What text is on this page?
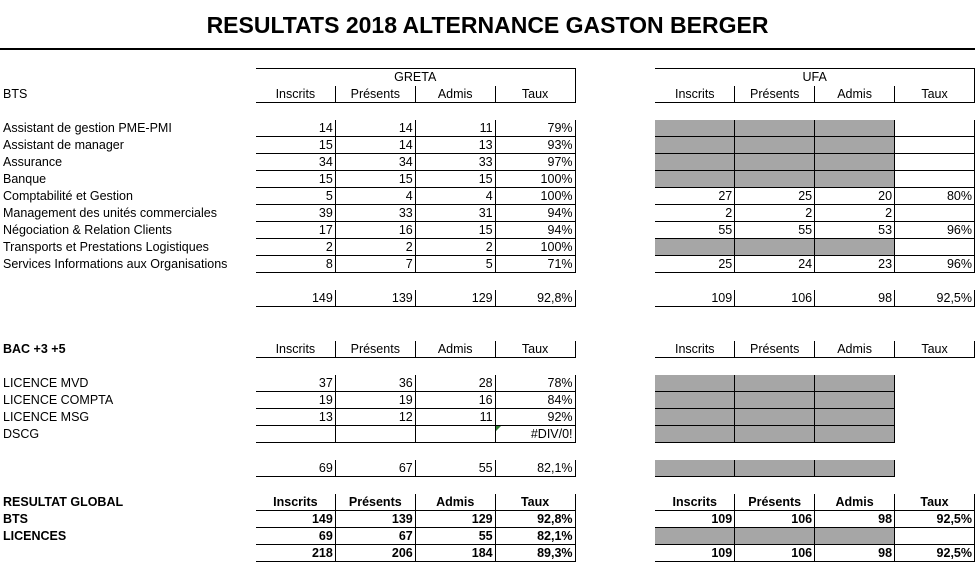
RESULTATS 2018 ALTERNANCE GASTON BERGER
	GRETA					UFA			
BTS	Inscrits	Présents	Admis	Taux		Inscrits	Présents	Admis	Taux

Assistant de gestion PME-PMI	14	14	11	79%					
Assistant de manager	15	14	13	93%					
Assurance	34	34	33	97%					
Banque	15	15	15	100%					
Comptabilité et Gestion	5	4	4	100%		27	25	20	80%
Management des unités commerciales	39	33	31	94%		2	2	2	
Négociation & Relation Clients	17	16	15	94%		55	55	53	96%
Transports et Prestations Logistiques	2	2	2	100%					
Services Informations aux Organisations	8	7	5	71%		25	24	23	96%

	149	139	129	92,8%		109	106	98	92,5%

BAC +3 +5	Inscrits	Présents	Admis	Taux		Inscrits	Présents	Admis	Taux

LICENCE MVD	37	36	28	78%					
LICENCE COMPTA	19	19	16	84%					
LICENCE MSG	13	12	11	92%					
DSCG				#DIV/0!					

	69	67	55	82,1%					

RESULTAT GLOBAL	Inscrits	Présents	Admis	Taux		Inscrits	Présents	Admis	Taux
BTS	149	139	129	92,8%		109	106	98	92,5%
LICENCES	69	67	55	82,1%					
	218	206	184	89,3%		109	106	98	92,5%
